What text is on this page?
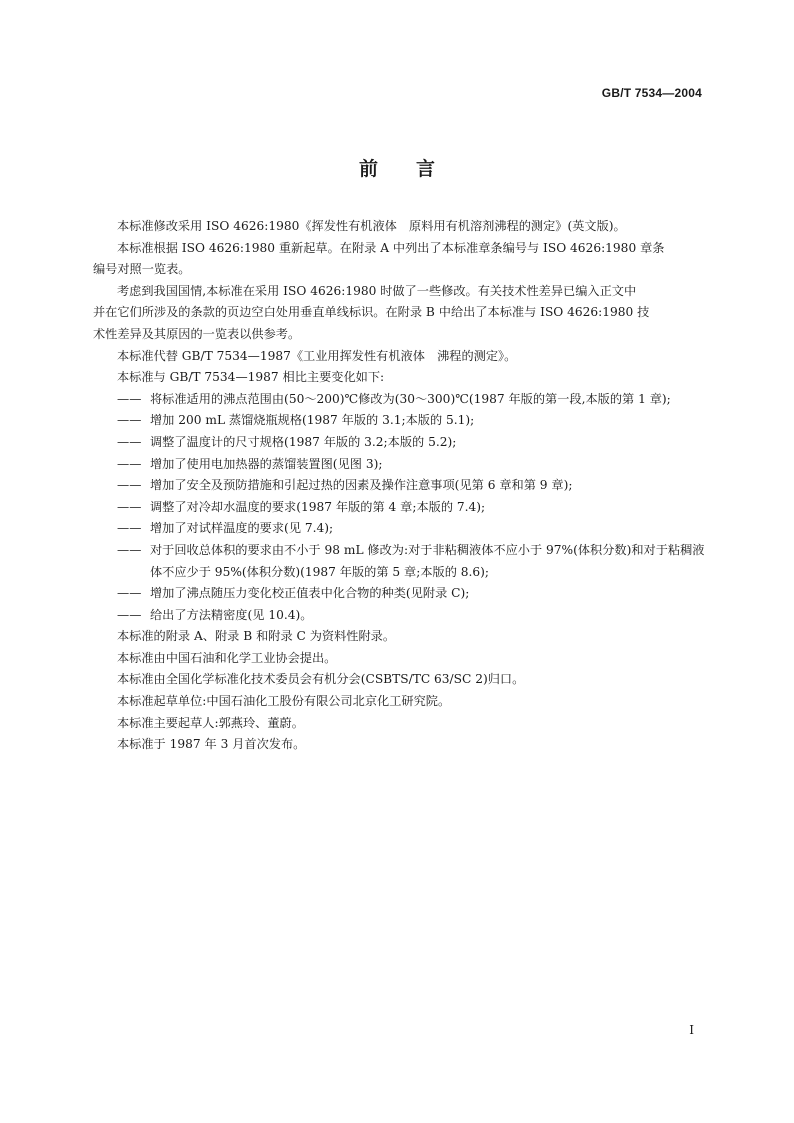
GB/T 7534—2004
前言

本标准修改采用 ISO 4626:1980《挥发性有机液体　原料用有机溶剂沸程的测定》(英文版)。

本标准根据 ISO 4626:1980 重新起草。在附录 A 中列出了本标准章条编号与 ISO 4626:1980 章条

编号对照一览表。

考虑到我国国情,本标准在采用 ISO 4626:1980 时做了一些修改。有关技术性差异已编入正文中

并在它们所涉及的条款的页边空白处用垂直单线标识。在附录 B 中给出了本标准与 ISO 4626:1980 技

术性差异及其原因的一览表以供参考。

本标准代替 GB/T 7534—1987《工业用挥发性有机液体　沸程的测定》。

本标准与 GB/T 7534—1987 相比主要变化如下:

—— 将标准适用的沸点范围由(50～200)℃修改为(30～300)℃(1987 年版的第一段,本版的第 1 章);

—— 增加 200 mL 蒸馏烧瓶规格(1987 年版的 3.1;本版的 5.1);

—— 调整了温度计的尺寸规格(1987 年版的 3.2;本版的 5.2);

—— 增加了使用电加热器的蒸馏装置图(见图 3);

—— 增加了安全及预防措施和引起过热的因素及操作注意事项(见第 6 章和第 9 章);

—— 调整了对冷却水温度的要求(1987 年版的第 4 章;本版的 7.4);

—— 增加了对试样温度的要求(见 7.4);

—— 对于回收总体积的要求由不小于 98 mL 修改为:对于非粘稠液体不应小于 97%(体积分数)和对于粘稠液体不应少于 95%(体积分数)(1987 年版的第 5 章;本版的 8.6);

—— 增加了沸点随压力变化校正值表中化合物的种类(见附录 C);

—— 给出了方法精密度(见 10.4)。

本标准的附录 A、附录 B 和附录 C 为资料性附录。

本标准由中国石油和化学工业协会提出。

本标准由全国化学标准化技术委员会有机分会(CSBTS/TC 63/SC 2)归口。

本标准起草单位:中国石油化工股份有限公司北京化工研究院。

本标准主要起草人:郭燕玲、董蔚。

本标准于 1987 年 3 月首次发布。

I
